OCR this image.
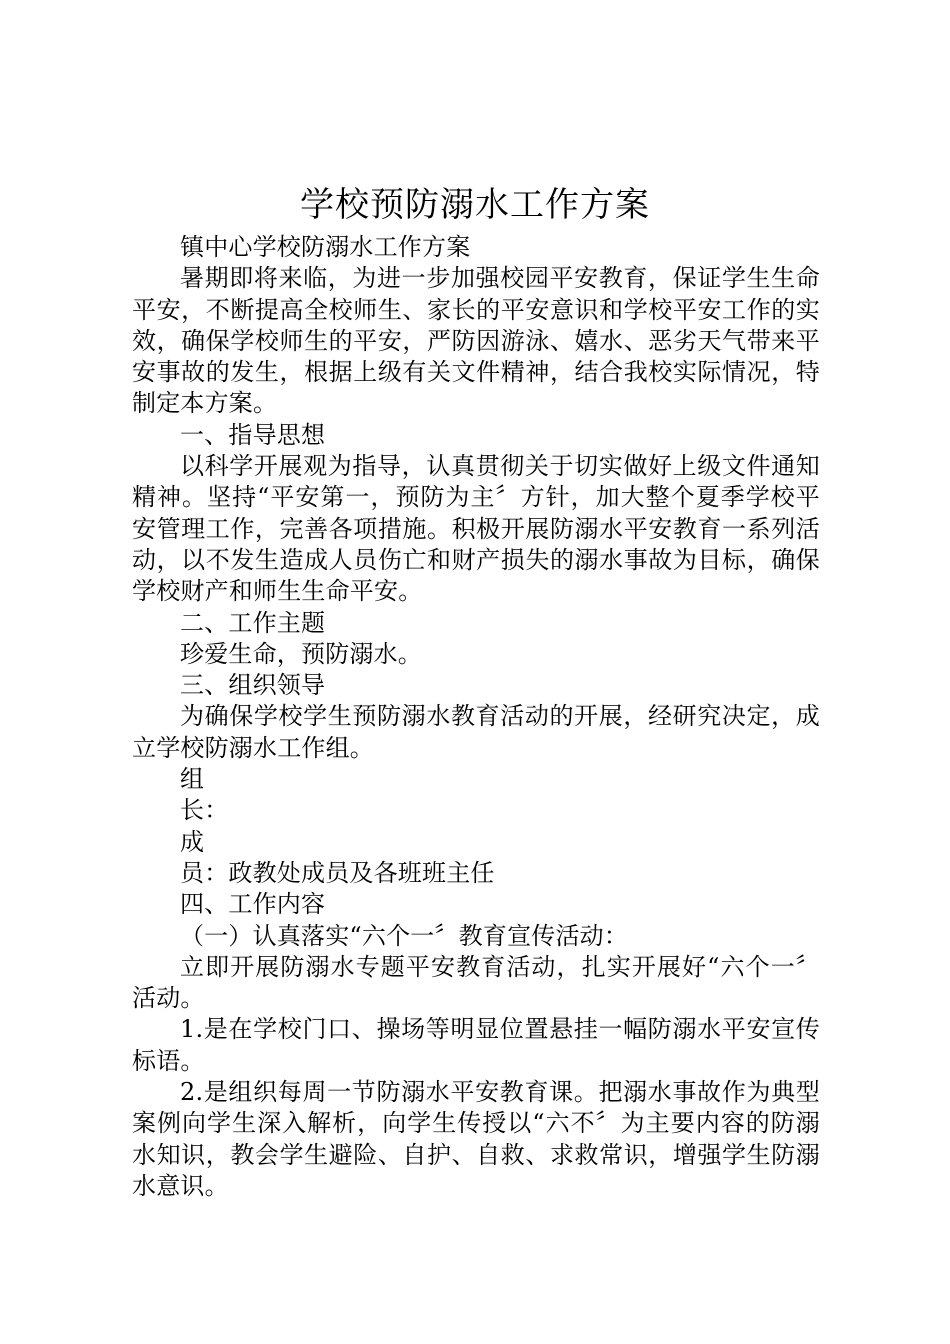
学校预防溺水工作方案

镇中心学校防溺水工作方案

暑期即将来临，为进一步加强校园平安教育，保证学生生命平安，不断提高全校师生、家长的平安意识和学校平安工作的实效，确保学校师生的平安，严防因游泳、嬉水、恶劣天气带来平安事故的发生，根据上级有关文件精神，结合我校实际情况，特制定本方案。

一、指导思想

以科学开展观为指导，认真贯彻关于切实做好上级文件通知精神。坚持“平安第一，预防为主〞方针，加大整个夏季学校平安管理工作，完善各项措施。积极开展防溺水平安教育一系列活动，以不发生造成人员伤亡和财产损失的溺水事故为目标，确保学校财产和师生生命平安。

二、工作主题

珍爱生命，预防溺水。

三、组织领导

为确保学校学生预防溺水教育活动的开展，经研究决定，成立学校防溺水工作组。

组

长：

成

员：政教处成员及各班班主任

四、工作内容

（一）认真落实“六个一〞教育宣传活动：

立即开展防溺水专题平安教育活动，扎实开展好“六个一〞活动。

1.是在学校门口、操场等明显位置悬挂一幅防溺水平安宣传标语。

2.是组织每周一节防溺水平安教育课。把溺水事故作为典型案例向学生深入解析，向学生传授以“六不〞为主要内容的防溺水知识，教会学生避险、自护、自救、求救常识，增强学生防溺水意识。
